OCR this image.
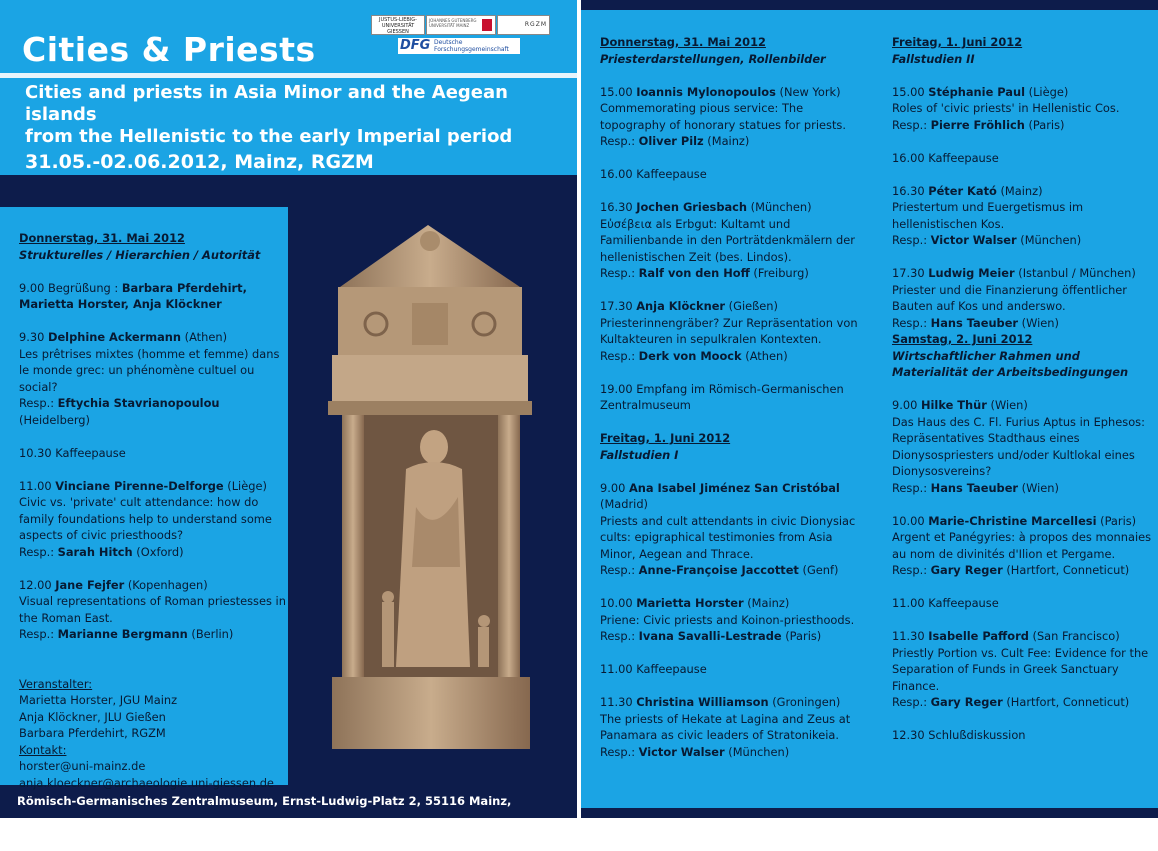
Cities & Priests
JUSTUS-LIEBIG-UNIVERSITÄT GIESSEN
JOHANNES GUTENBERG UNIVERSITÄT MAINZ	RGZM
DFG Deutsche
Forschungsgemeinschaft
Cities and priests in Asia Minor and the Aegean islands
from the Hellenistic to the early Imperial period
31.05.-02.06.2012, Mainz, RGZM
Donnerstag, 31. Mai 2012
Strukturelles / Hierarchien / Autorität
9.00 Begrüßung : Barbara Pferdehirt, Marietta Horster, Anja Klöckner
9.30 Delphine Ackermann (Athen)
Les prêtrises mixtes (homme et femme) dans le monde grec: un phénomène cultuel ou social?
Resp.: Eftychia Stavrianopoulou (Heidelberg)
10.30 Kaffeepause
11.00 Vinciane Pirenne-Delforge (Liège)
Civic vs. 'private' cult attendance: how do family foundations help to understand some aspects of civic priesthoods?
Resp.: Sarah Hitch (Oxford)
12.00 Jane Fejfer (Kopenhagen)
Visual representations of Roman priestesses in the Roman East.
Resp.: Marianne Bergmann (Berlin)
Veranstalter:
Marietta Horster, JGU Mainz
Anja Klöckner, JLU Gießen
Barbara Pferdehirt, RGZM
Kontakt:
horster@uni-mainz.de
anja.kloeckner@archaeologie.uni-giessen.de
Römisch-Germanisches Zentralmuseum, Ernst-Ludwig-Platz 2, 55116 Mainz, Vortragsraum
Donnerstag, 31. Mai 2012
Priesterdarstellungen, Rollenbilder
15.00 Ioannis Mylonopoulos (New York)
Commemorating pious service: The topography of honorary statues for priests.
Resp.: Oliver Pilz (Mainz)
16.00 Kaffeepause
16.30 Jochen Griesbach (München)
Εὐσέβεια als Erbgut: Kultamt und Familienbande in den Porträtdenkmälern der hellenistischen Zeit (bes. Lindos).
Resp.: Ralf von den Hoff (Freiburg)
17.30 Anja Klöckner (Gießen)
Priesterinnengräber? Zur Repräsentation von Kultakteuren in sepulkralen Kontexten.
Resp.: Derk von Moock (Athen)
19.00 Empfang im Römisch-Germanischen Zentralmuseum
Freitag, 1. Juni 2012
Fallstudien I
9.00 Ana Isabel Jiménez San Cristóbal
(Madrid)
Priests and cult attendants in civic Dionysiac cults: epigraphical testimonies from Asia Minor, Aegean and Thrace.
Resp.: Anne-Françoise Jaccottet (Genf)
10.00 Marietta Horster (Mainz)
Priene: Civic priests and Koinon-priesthoods.
Resp.: Ivana Savalli-Lestrade (Paris)
11.00 Kaffeepause
11.30 Christina Williamson (Groningen)
The priests of Hekate at Lagina and Zeus at Panamara as civic leaders of Stratonikeia.
Resp.: Victor Walser (München)
Freitag, 1. Juni 2012
Fallstudien II
15.00 Stéphanie Paul (Liège)
Roles of 'civic priests' in Hellenistic Cos.
Resp.: Pierre Fröhlich (Paris)
16.00 Kaffeepause
16.30 Péter Kató (Mainz)
Priestertum und Euergetismus im hellenistischen Kos.
Resp.: Victor Walser (München)
17.30 Ludwig Meier (Istanbul / München)
Priester und die Finanzierung öffentlicher Bauten auf Kos und anderswo.
Resp.: Hans Taeuber (Wien)
Samstag, 2. Juni 2012
Wirtschaftlicher Rahmen und Materialität der Arbeitsbedingungen
9.00 Hilke Thür (Wien)
Das Haus des C. Fl. Furius Aptus in Ephesos: Repräsentatives Stadthaus eines Dionysospriesters und/oder Kultlokal eines Dionysosvereins?
Resp.: Hans Taeuber (Wien)
10.00 Marie-Christine Marcellesi (Paris)
Argent et Panégyries: à propos des monnaies au nom de divinités d'Ilion et Pergame.
Resp.: Gary Reger (Hartfort, Conneticut)
11.00 Kaffeepause
11.30 Isabelle Pafford (San Francisco)
Priestly Portion vs. Cult Fee: Evidence for the Separation of Funds in Greek Sanctuary Finance.
Resp.: Gary Reger (Hartfort, Conneticut)
12.30 Schlußdiskussion
